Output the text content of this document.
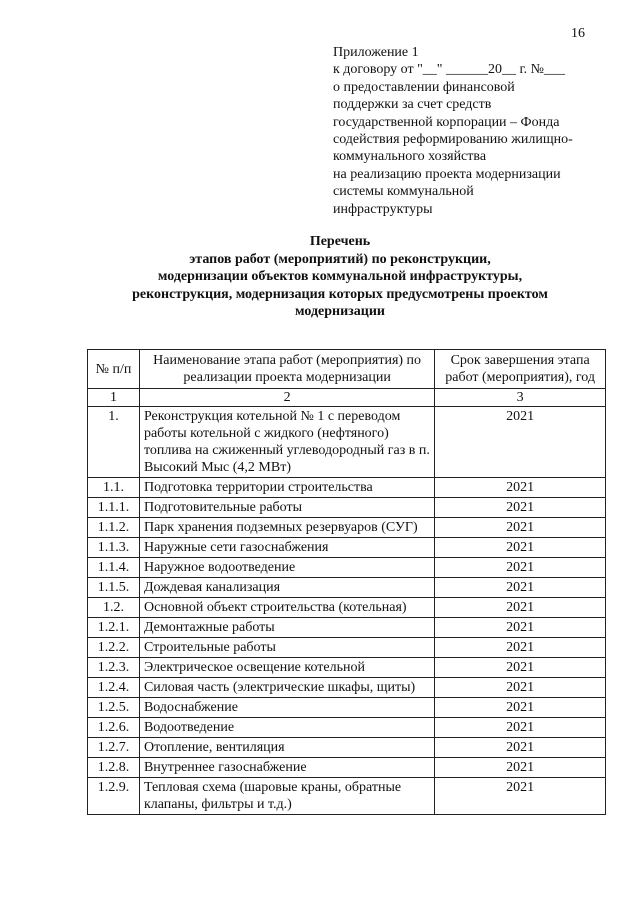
16
Приложение 1
к договору от "__" ______20__ г. №___
о предоставлении финансовой
поддержки за счет средств
государственной корпорации – Фонда
содействия реформированию жилищно-
коммунального хозяйства
на реализацию проекта модернизации
системы коммунальной
инфраструктуры
Перечень
этапов работ (мероприятий) по реконструкции,
модернизации объектов коммунальной инфраструктуры,
реконструкция, модернизация которых предусмотрены проектом
модернизации
№ п/п	Наименование этапа работ (мероприятия) по реализации проекта модернизации	Срок завершения этапа работ (мероприятия), год
1	2	3
1.	Реконструкция котельной № 1 с переводом работы котельной с жидкого (нефтяного) топлива на сжиженный углеводородный газ в п. Высокий Мыс (4,2 МВт)	2021
1.1.	Подготовка территории строительства	2021
1.1.1.	Подготовительные работы	2021
1.1.2.	Парк хранения подземных резервуаров (СУГ)	2021
1.1.3.	Наружные сети газоснабжения	2021
1.1.4.	Наружное водоотведение	2021
1.1.5.	Дождевая канализация	2021
1.2.	Основной объект строительства (котельная)	2021
1.2.1.	Демонтажные работы	2021
1.2.2.	Строительные работы	2021
1.2.3.	Электрическое освещение котельной	2021
1.2.4.	Силовая часть (электрические шкафы, щиты)	2021
1.2.5.	Водоснабжение	2021
1.2.6.	Водоотведение	2021
1.2.7.	Отопление, вентиляция	2021
1.2.8.	Внутреннее газоснабжение	2021
1.2.9.	Тепловая схема (шаровые краны, обратные клапаны, фильтры и т.д.)	2021
